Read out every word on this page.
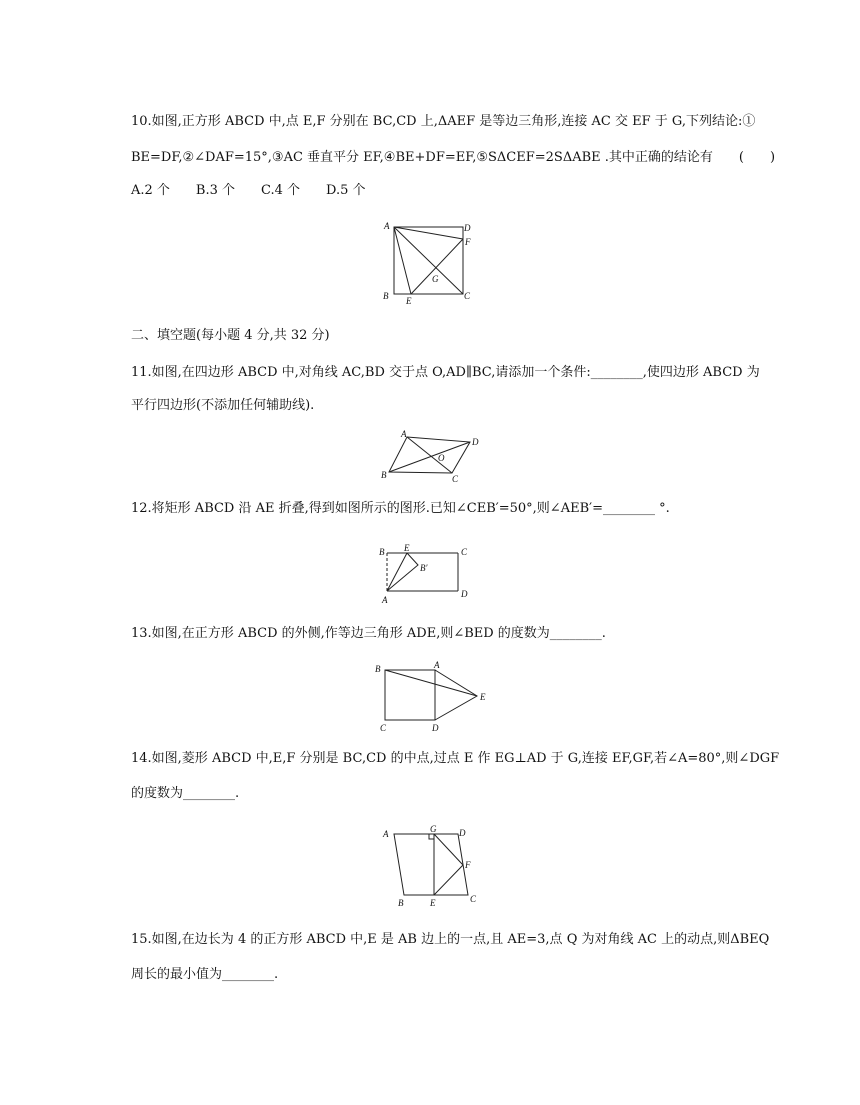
10.如图,正方形 ABCD 中,点 E,F 分别在 BC,CD 上,ΔAEF 是等边三角形,连接 AC 交 EF 于 G,下列结论:①
BE=DF,②∠DAF=15°,③AC 垂直平分 EF,④BE+DF=EF,⑤SΔCEF=2SΔABE .其中正确的结论有　　(　　)
A.2 个　　B.3 个　　C.4 个　　D.5 个
A	D
F
G
B E	C
二、填空题(每小题 4 分,共 32 分)
11.如图,在四边形 ABCD 中,对角线 AC,BD 交于点 O,AD∥BC,请添加一个条件:________,使四边形 ABCD 为
平行四边形(不添加任何辅助线).
A
D
O
B	C
12.将矩形 ABCD 沿 AE 折叠,得到如图所示的图形.已知∠CEB′=50°,则∠AEB′=________ °.
B E	C
B′
D
A
13.如图,在正方形 ABCD 的外侧,作等边三角形 ADE,则∠BED 的度数为________.
B	A
E
C	D
14.如图,菱形 ABCD 中,E,F 分别是 BC,CD 的中点,过点 E 作 EG⊥AD 于 G,连接 EF,GF,若∠A=80°,则∠DGF
的度数为________.
A	G	D
F
B	E	C
15.如图,在边长为 4 的正方形 ABCD 中,E 是 AB 边上的一点,且 AE=3,点 Q 为对角线 AC 上的动点,则ΔBEQ
周长的最小值为________.
